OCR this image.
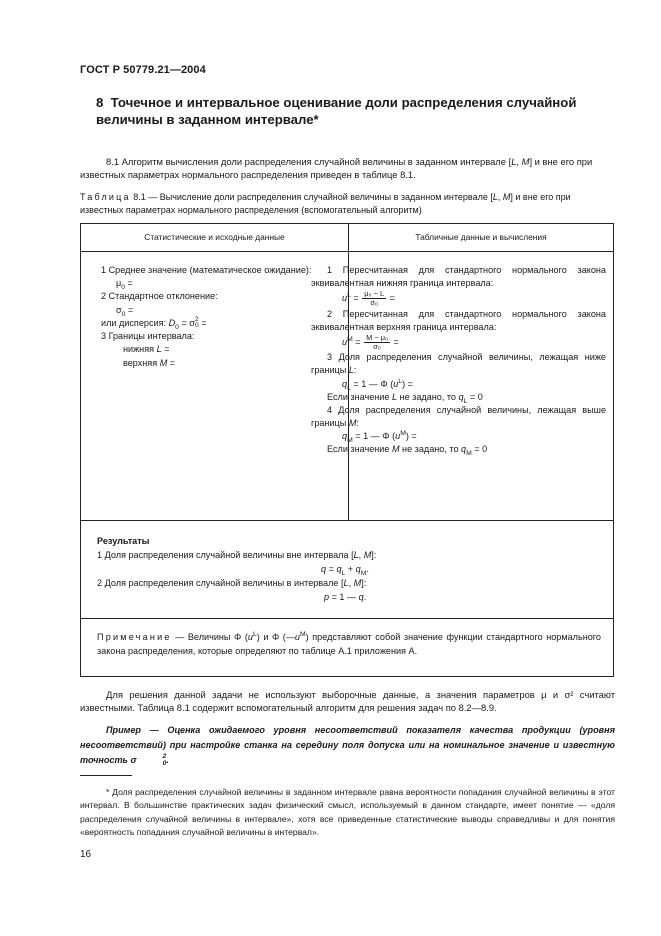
ГОСТ Р 50779.21—2004
8 Точечное и интервальное оценивание доли распределения случайной величины в заданном интервале*
8.1 Алгоритм вычисления доли распределения случайной величины в заданном интервале [L, M] и вне его при известных параметрах нормального распределения приведен в таблице 8.1.
Таблица 8.1 — Вычисление доли распределения случайной величины в заданном интервале [L, M] и вне его при известных параметрах нормального распределения (вспомогательный алгоритм)
Статистические и исходные данные	Табличные данные и вычисления

1 Среднее значение (математическое ожидание):

$\mu_0$ =

2 Стандартное отклонение:

$\sigma_0$ =

или дисперсия: $D_0 = \sigma$ 2
0 =

3 Границы интервала:

нижняя L =

верхняя M =

1 Пересчитанная для стандартного нормального закона эквивалентная нижняя граница интервала:

$u^L = \frac{\text{μ₀ − L}}{\text{σ₀}}$ =

2 Пересчитанная для стандартного нормального закона эквивалентная верхняя граница интервала:

$u^M = \frac{\text{M − μ₀}}{\text{σ₀}}$ =

3 Доля распределения случайной величины, лежащая ниже границы L:

$q_L = 1$ — Φ $(u^L)$ =

Если значение L не задано, то $q_L = 0$

4 Доля распределения случайной величины, лежащая выше границы M:

$q_M = 1$ — Φ $(u^M)$ =

Если значение M не задано, то $q_M = 0$

Результаты

1 Доля распределения случайной величины вне интервала [L, M]:

$q = q_L + q_M$.

2 Доля распределения случайной величины в интервале [L, M]:

p = 1 — q.

Примечание — Величины Φ $(u^L)$ и Φ $(—u^M)$ представляют собой значение функции стандартного нормального закона распределения, которые определяют по таблице А.1 приложения А.
Для решения данной задачи не используют выборочные данные, а значения параметров μ и σ² считают известными. Таблица 8.1 содержит вспомогательный алгоритм для решения задач по 8.2—8.9.
Пример — Оценка ожидаемого уровня несоответствий показателя качества продукции (уровня несоответствий) при настройке станка на середину поля допуска или на номинальное значение и известную точность σ	2
0 .
* Доля распределения случайной величины в заданном интервале равна вероятности попадания случайной величины в этот интервал. В большинстве практических задач физический смысл, используемый в данном стандарте, имеет понятие — «доля распределения случайной величины в интервале», хотя все приведенные статистические выводы справедливы и для понятия «вероятность попадания случайной величины в интервал».
16
